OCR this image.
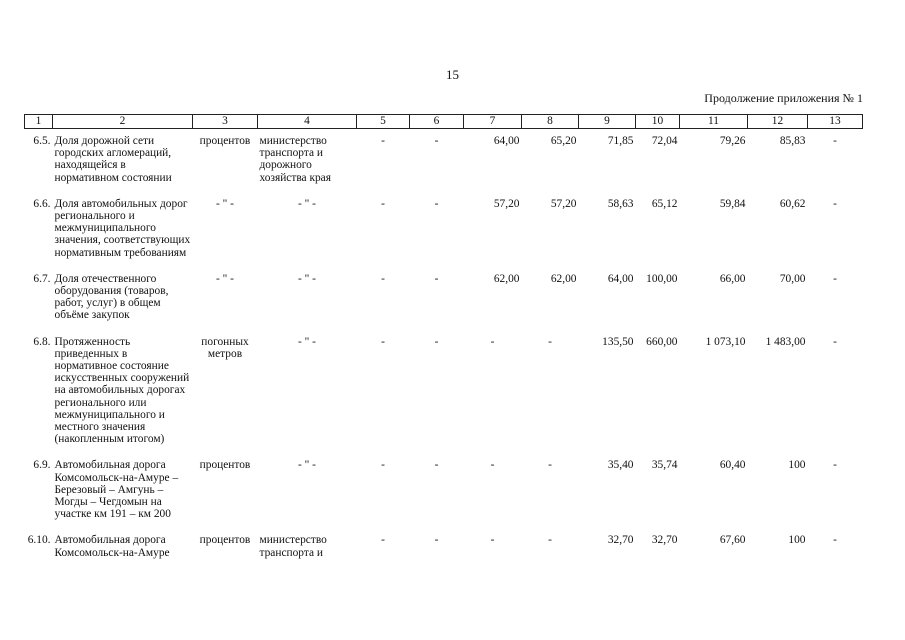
15
Продолжение приложения № 1
1	2	3	4	5	6	7	8	9	10	11	12	13
6.5.	Доля дорожной сети городских агломераций, находящейся в нормативном состоянии	процентов	министерство транспорта и дорожного хозяйства края	-	-	64,00	65,20	71,85	72,04	79,26	85,83	-
6.6.	Доля автомобильных дорог регионального и межмуниципального значения, соответствующих нормативным требованиям	- " -	- " -	-	-	57,20	57,20	58,63	65,12	59,84	60,62	-
6.7.	Доля отечественного оборудования (товаров, работ, услуг) в общем объёме закупок	- " -	- " -	-	-	62,00	62,00	64,00	100,00	66,00	70,00	-
6.8.	Протяженность приведенных в нормативное состояние искусственных сооружений на автомобильных дорогах регионального или межмуниципального и местного значения (накопленным итогом)	погонных метров	- " -	-	-	-	-	135,50	660,00	1 073,10	1 483,00	-
6.9.	Автомобильная дорога Комсомольск-на-Амуре – Березовый – Амгунь – Могды – Чегдомын на участке км 191 – км 200	процентов	- " -	-	-	-	-	35,40	35,74	60,40	100	-
6.10.	Автомобильная дорога Комсомольск-на-Амуре	процентов	министерство транспорта и	-	-	-	-	32,70	32,70	67,60	100	-
